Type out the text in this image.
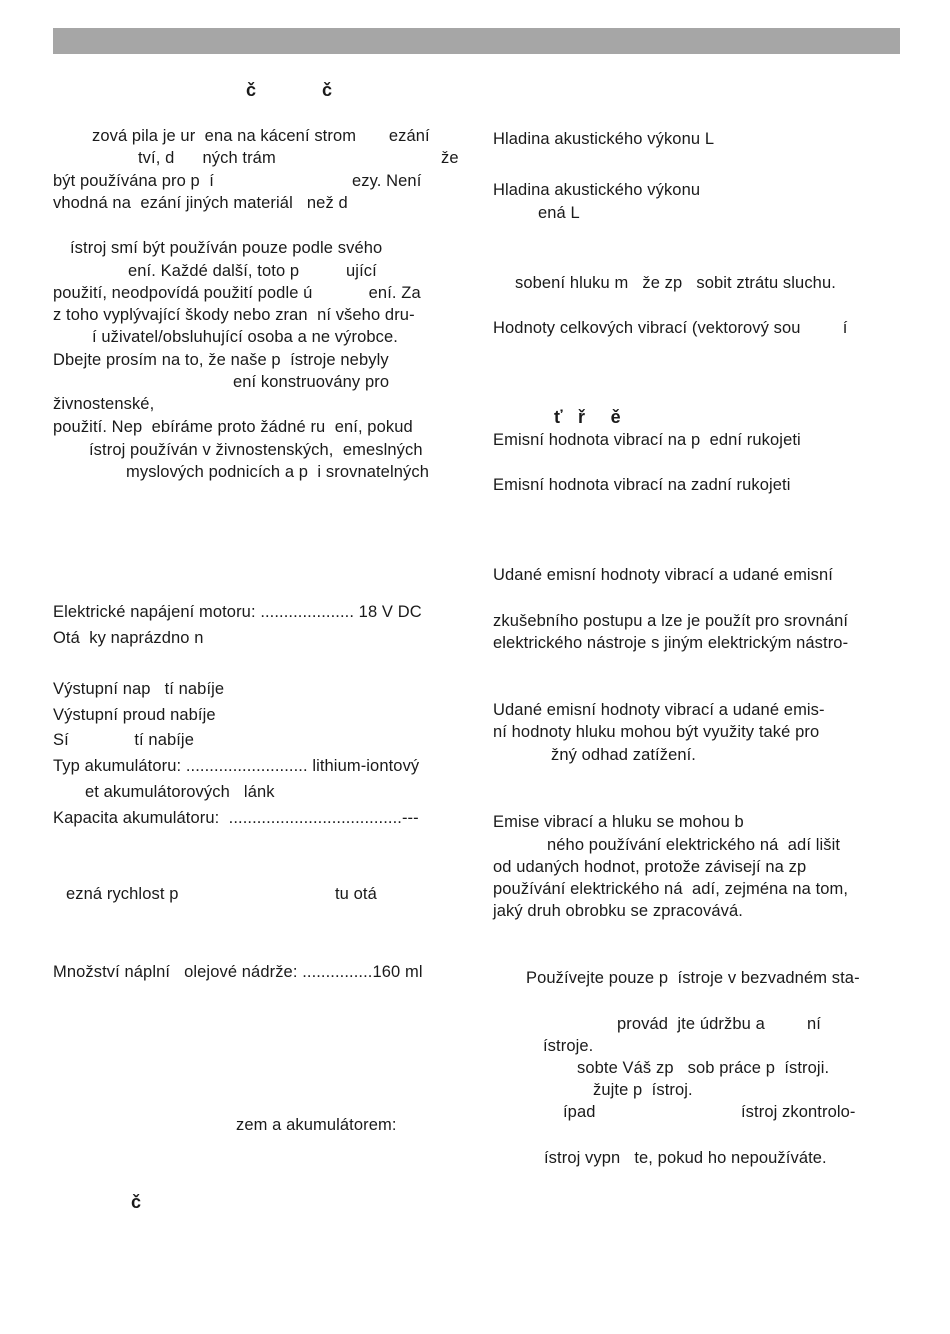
č	č
zová pila je ur  ena na kácení strom       ezání
tví, d      ných trám	že
být používána pro p  í	ezy. Není
vhodná na  ezání jiných materiál   než d
ístroj smí být používán pouze podle svého
ení. Každé další, toto p          ující
použití, neodpovídá použití podle ú            ení. Za
z toho vyplývající škody nebo zran  ní všeho dru-
í uživatel/obsluhující osoba a ne výrobce.
Dbejte prosím na to, že naše p  ístroje nebyly
ení konstruovány pro
živnostenské,
použití. Nep  ebíráme proto žádné ru  ení, pokud
ístroj používán v živnostenských,  emeslných
myslových podnicích a p  i srovnatelných
Elektrické napájení motoru: .................... 18 V DC
Otá  ky naprázdno n
Výstupní nap   tí nabíje
Výstupní proud nabíje
Sí              tí nabíje
Typ akumulátoru: .......................... lithium-iontový
et akumulátorových   lánk
Kapacita akumulátoru:  .....................................---
ezná rychlost p	tu otá
Množství náplní   olejové nádrže: ...............160 ml
zem a akumulátorem:
č
Hladina akustického výkonu L
Hladina akustického výkonu
ená L
sobení hluku m   že zp   sobit ztrátu sluchu.
Hodnoty celkových vibrací (vektorový sou         í
ť   ř     ě
Emisní hodnota vibrací na p  ední rukojeti
Emisní hodnota vibrací na zadní rukojeti
Udané emisní hodnoty vibrací a udané emisní
zkušebního postupu a lze je použít pro srovnání
elektrického nástroje s jiným elektrickým nástro-
Udané emisní hodnoty vibrací a udané emis-
ní hodnoty hluku mohou být využity také pro
žný odhad zatížení.
Emise vibrací a hluku se mohou b
ného používání elektrického ná  adí lišit
od udaných hodnot, protože závisejí na zp
používání elektrického ná  adí, zejména na tom,
jaký druh obrobku se zpracovává.
Používejte pouze p  ístroje v bezvadném sta-
provád  jte údržbu a         ní
ístroje.
sobte Váš zp   sob práce p  ístroji.
žujte p  ístroj.
ípad	ístroj zkontrolo-
ístroj vypn   te, pokud ho nepoužíváte.
